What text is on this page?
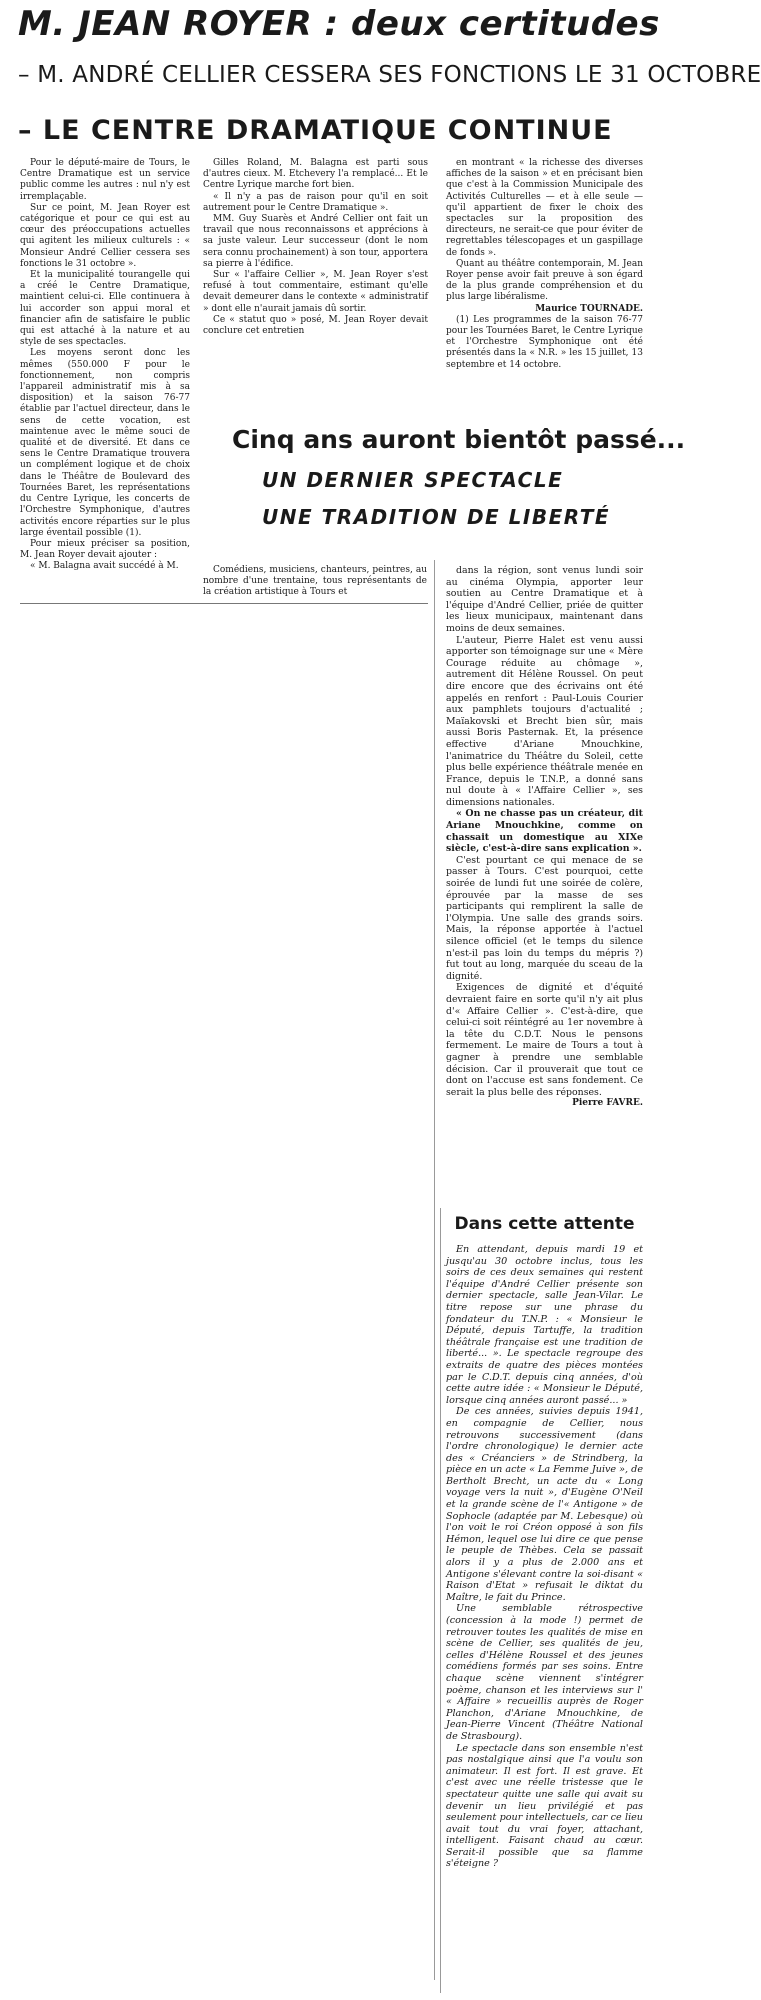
M. JEAN ROYER : deux certitudes
– M. ANDRÉ CELLIER CESSERA SES FONCTIONS LE 31 OCTOBRE
– LE CENTRE DRAMATIQUE CONTINUE

Pour le député-maire de Tours, le Centre Dramatique est un service public comme les autres : nul n'y est irremplaçable.

Sur ce point, M. Jean Royer est catégorique et pour ce qui est au cœur des préoccupations actuelles qui agitent les milieux culturels : « Monsieur André Cellier cessera ses fonctions le 31 octobre ».

Et la municipalité tourangelle qui a créé le Centre Dramatique, maintient celui-ci. Elle continuera à lui accorder son appui moral et financier afin de satisfaire le public qui est attaché à la nature et au style de ses spectacles.

Les moyens seront donc les mêmes (550.000 F pour le fonctionnement, non compris l'appareil administratif mis à sa disposition) et la saison 76-77 établie par l'actuel directeur, dans le sens de cette vocation, est maintenue avec le même souci de qualité et de diversité. Et dans ce sens le Centre Dramatique trouvera un complément logique et de choix dans le Théâtre de Boulevard des Tournées Baret, les représentations du Centre Lyrique, les concerts de l'Orchestre Symphonique, d'autres activités encore réparties sur le plus large éventail possible (1).

Pour mieux préciser sa position, M. Jean Royer devait ajouter :

« M. Balagna avait succédé à M.

Gilles Roland, M. Balagna est parti sous d'autres cieux. M. Etchevery l'a remplacé... Et le Centre Lyrique marche fort bien.

« Il n'y a pas de raison pour qu'il en soit autrement pour le Centre Dramatique ».

MM. Guy Suarès et André Cellier ont fait un travail que nous reconnaissons et apprécions à sa juste valeur. Leur successeur (dont le nom sera connu prochainement) à son tour, apportera sa pierre à l'édifice.

Sur « l'affaire Cellier », M. Jean Royer s'est refusé à tout commentaire, estimant qu'elle devait demeurer dans le contexte « administratif » dont elle n'aurait jamais dû sortir.

Ce « statut quo » posé, M. Jean Royer devait conclure cet entretien

en montrant « la richesse des diverses affiches de la saison » et en précisant bien que c'est à la Commission Municipale des Activités Culturelles — et à elle seule — qu'il appartient de fixer le choix des spectacles sur la proposition des directeurs, ne serait-ce que pour éviter de regrettables télescopages et un gaspillage de fonds ».

Quant au théâtre contemporain, M. Jean Royer pense avoir fait preuve à son égard de la plus grande compréhension et du plus large libéralisme.

Maurice TOURNADE.

(1) Les programmes de la saison 76-77 pour les Tournées Baret, le Centre Lyrique et l'Orchestre Symphonique ont été présentés dans la « N.R. » les 15 juillet, 13 septembre et 14 octobre.

Cinq ans auront bientôt passé...
UN DERNIER SPECTACLE
UNE TRADITION DE LIBERTÉ

Comédiens, musiciens, chanteurs, peintres, au nombre d'une trentaine, tous représentants de la création artistique à Tours et

dans la région, sont venus lundi soir au cinéma Olympia, apporter leur soutien au Centre Dramatique et à l'équipe d'André Cellier, priée de quitter les lieux municipaux, maintenant dans moins de deux semaines.

L'auteur, Pierre Halet est venu aussi apporter son témoignage sur une « Mère Courage réduite au chômage », autrement dit Hélène Roussel. On peut dire encore que des écrivains ont été appelés en renfort : Paul-Louis Courier aux pamphlets toujours d'actualité ; Maïakovski et Brecht bien sûr, mais aussi Boris Pasternak. Et, la présence effective d'Ariane Mnouchkine, l'animatrice du Théâtre du Soleil, cette plus belle expérience théâtrale menée en France, depuis le T.N.P., a donné sans nul doute à « l'Affaire Cellier », ses dimensions nationales.

« On ne chasse pas un créateur, dit Ariane Mnouchkine, comme on chassait un domestique au XIXe siècle, c'est-à-dire sans explication ».

C'est pourtant ce qui menace de se passer à Tours. C'est pourquoi, cette soirée de lundi fut une soirée de colère, éprouvée par la masse de ses participants qui remplirent la salle de l'Olympia. Une salle des grands soirs. Mais, la réponse apportée à l'actuel silence officiel (et le temps du silence n'est-il pas loin du temps du mépris ?) fut tout au long, marquée du sceau de la dignité.

Exigences de dignité et d'équité devraient faire en sorte qu'il n'y ait plus d'« Affaire Cellier ». C'est-à-dire, que celui-ci soit réintégré au 1er novembre à la tête du C.D.T. Nous le pensons fermement. Le maire de Tours a tout à gagner à prendre une semblable décision. Car il prouverait que tout ce dont on l'accuse est sans fondement. Ce serait la plus belle des réponses.

Pierre FAVRE.

Dans cette attente

En attendant, depuis mardi 19 et jusqu'au 30 octobre inclus, tous les soirs de ces deux semaines qui restent l'équipe d'André Cellier présente son dernier spectacle, salle Jean-Vilar. Le titre repose sur une phrase du fondateur du T.N.P. : « Monsieur le Député, depuis Tartuffe, la tradition théâtrale française est une tradition de liberté... ». Le spectacle regroupe des extraits de quatre des pièces montées par le C.D.T. depuis cinq années, d'où cette autre idée : « Monsieur le Député, lorsque cinq années auront passé... »

De ces années, suivies depuis 1941, en compagnie de Cellier, nous retrouvons successivement (dans l'ordre chronologique) le dernier acte des « Créanciers » de Strindberg, la pièce en un acte « La Femme Juive », de Bertholt Brecht, un acte du « Long voyage vers la nuit », d'Eugène O'Neil et la grande scène de l'« Antigone » de Sophocle (adaptée par M. Lebesque) où l'on voit le roi Créon opposé à son fils Hémon, lequel ose lui dire ce que pense le peuple de Thèbes. Cela se passait alors il y a plus de 2.000 ans et Antigone s'élevant contre la soi-disant « Raison d'Etat » refusait le diktat du Maître, le fait du Prince.

Une semblable rétrospective (concession à la mode !) permet de retrouver toutes les qualités de mise en scène de Cellier, ses qualités de jeu, celles d'Hélène Roussel et des jeunes comédiens formés par ses soins. Entre chaque scène viennent s'intégrer poème, chanson et les interviews sur l' « Affaire » recueillis auprès de Roger Planchon, d'Ariane Mnouchkine, de Jean-Pierre Vincent (Théâtre National de Strasbourg).

Le spectacle dans son ensemble n'est pas nostalgique ainsi que l'a voulu son animateur. Il est fort. Il est grave. Et c'est avec une réelle tristesse que le spectateur quitte une salle qui avait su devenir un lieu privilégié et pas seulement pour intellectuels, car ce lieu avait tout du vrai foyer, attachant, intelligent. Faisant chaud au cœur. Serait-il possible que sa flamme s'éteigne ?
